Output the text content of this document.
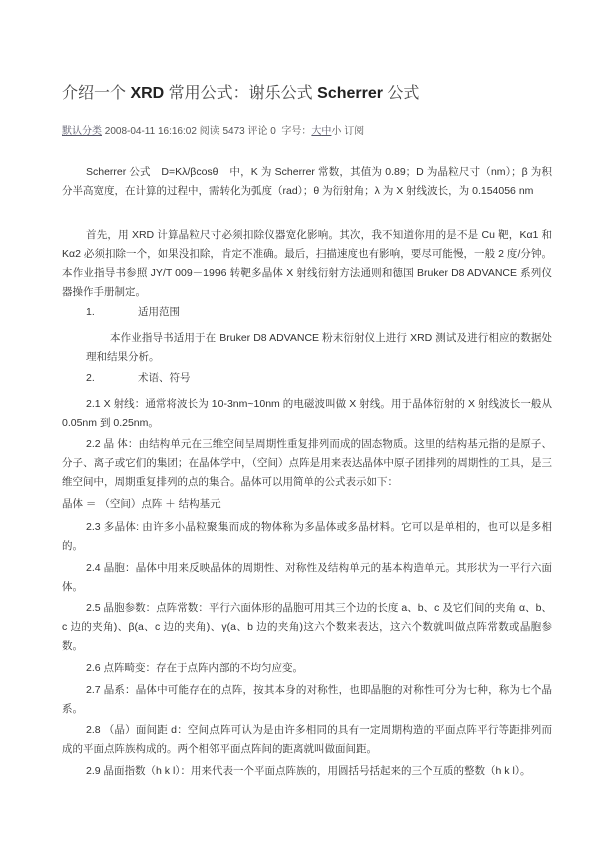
介绍一个 XRD 常用公式：谢乐公式 Scherrer 公式
默认分类 2008-04-11 16:16:02 阅读 5473 评论 0 字号：大中小 订阅

Scherrer 公式　D=Kλ/βcosθ　中，K 为 Scherrer 常数，其值为 0.89；D 为晶粒尺寸（nm）；β 为积分半高宽度，在计算的过程中，需转化为弧度（rad）；θ 为衍射角；λ 为 X 射线波长，为 0.154056 nm

首先，用 XRD 计算晶粒尺寸必须扣除仪器宽化影响。其次，我不知道你用的是不是 Cu 靶，Kα1 和 Kα2 必须扣除一个，如果没扣除，肯定不准确。最后，扫描速度也有影响，要尽可能慢，一般 2 度/分钟。本作业指导书参照 JY/T 009－1996 转靶多晶体 X 射线衍射方法通则和德国 Bruker D8 ADVANCE 系列仪器操作手册制定。

1.	适用范围

本作业指导书适用于在 Bruker D8 ADVANCE 粉末衍射仪上进行 XRD 测试及进行相应的数据处理和结果分析。

2.	术语、符号

2.1 X 射线：通常将波长为 10-3nm~10nm 的电磁波叫做 X 射线。用于晶体衍射的 X 射线波长一般从 0.05nm 到 0.25nm。

2.2 晶 体：由结构单元在三维空间呈周期性重复排列而成的固态物质。这里的结构基元指的是原子、分子、离子或它们的集团；在晶体学中，（空间）点阵是用来表达晶体中原子团排列的周期性的工具，是三维空间中，周期重复排列的点的集合。晶体可以用简单的公式表示如下：

晶体 ＝ （空间）点阵 ＋ 结构基元

2.3 多晶体: 由许多小晶粒聚集而成的物体称为多晶体或多晶材料。它可以是单相的，也可以是多相的。

2.4 晶胞：晶体中用来反映晶体的周期性、对称性及结构单元的基本构造单元。其形状为一平行六面体。

2.5 晶胞参数：点阵常数：平行六面体形的晶胞可用其三个边的长度 a、b、c 及它们间的夹角 α、b、c 边的夹角)、β(a、c 边的夹角)、γ(a、b 边的夹角)这六个数来表达，这六个数就叫做点阵常数或晶胞参数。

2.6 点阵畸变：存在于点阵内部的不均匀应变。

2.7 晶系：晶体中可能存在的点阵，按其本身的对称性，也即晶胞的对称性可分为七种，称为七个晶系。

2.8 （晶）面间距 d：空间点阵可认为是由许多相同的具有一定周期构造的平面点阵平行等距排列而成的平面点阵族构成的。两个相邻平面点阵间的距离就叫做面间距。

2.9 晶面指数（h k l）：用来代表一个平面点阵族的，用圆括号括起来的三个互质的整数（h k l）。
